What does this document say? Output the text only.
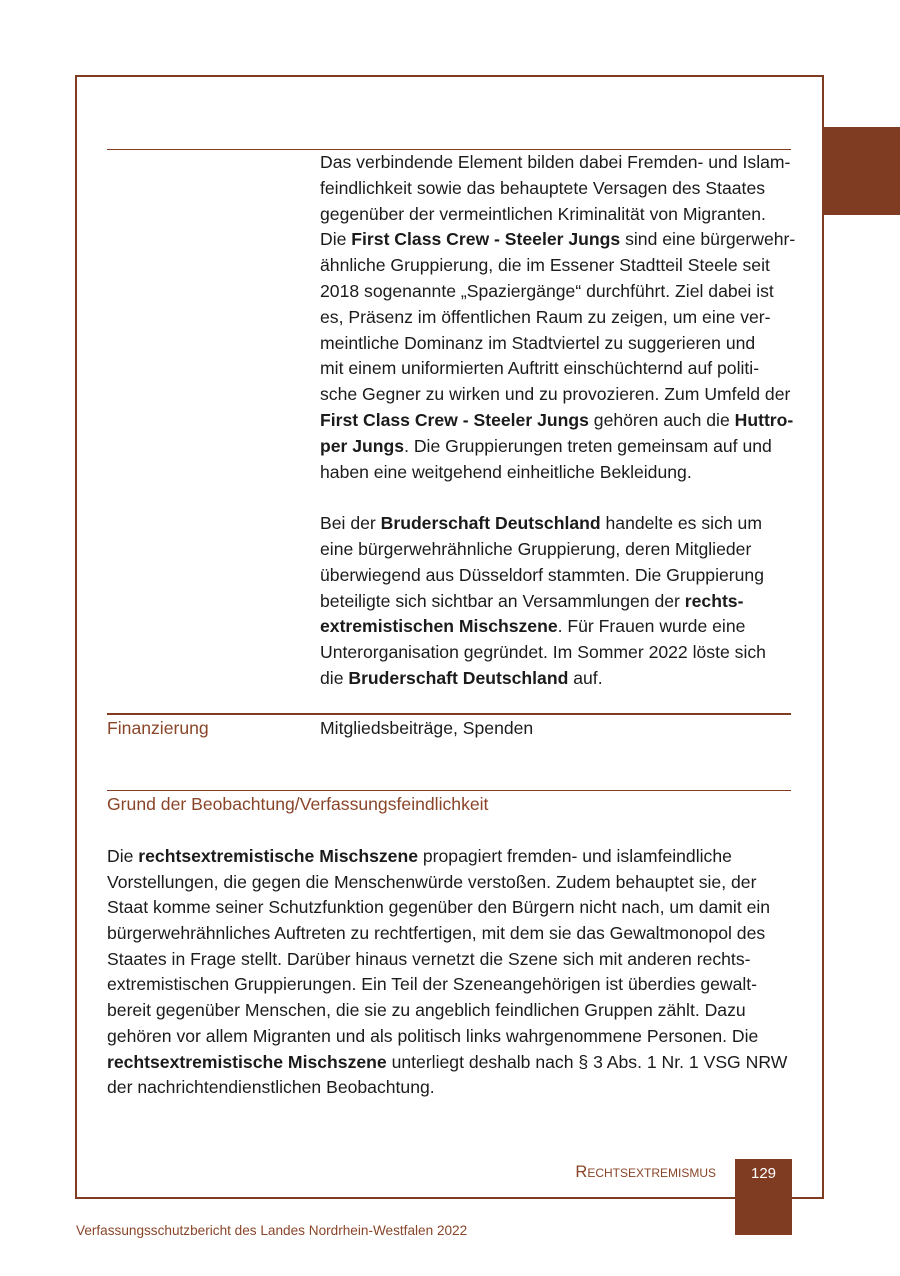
Das verbindende Element bilden dabei Fremden- und Islam-
feindlichkeit sowie das behauptete Versagen des Staates
gegenüber der vermeintlichen Kriminalität von Migranten.
Die First Class Crew - Steeler Jungs sind eine bürgerwehr-
ähnliche Gruppierung, die im Essener Stadtteil Steele seit
2018 sogenannte „Spaziergänge“ durchführt. Ziel dabei ist
es, Präsenz im öffentlichen Raum zu zeigen, um eine ver-
meintliche Dominanz im Stadtviertel zu suggerieren und
mit einem uniformierten Auftritt einschüchternd auf politi-
sche Gegner zu wirken und zu provozieren. Zum Umfeld der
First Class Crew - Steeler Jungs gehören auch die Huttro-
per Jungs. Die Gruppierungen treten gemeinsam auf und
haben eine weitgehend einheitliche Bekleidung.
Bei der Bruderschaft Deutschland handelte es sich um
eine bürgerwehrähnliche Gruppierung, deren Mitglieder
überwiegend aus Düsseldorf stammten. Die Gruppierung
beteiligte sich sichtbar an Versammlungen der rechts-
extremistischen Mischszene. Für Frauen wurde eine
Unterorganisation gegründet. Im Sommer 2022 löste sich
die Bruderschaft Deutschland auf.
Finanzierung	Mitgliedsbeiträge, Spenden
Grund der Beobachtung/Verfassungsfeindlichkeit
Die rechtsextremistische Mischszene propagiert fremden- und islamfeindliche
Vorstellungen, die gegen die Menschenwürde verstoßen. Zudem behauptet sie, der
Staat komme seiner Schutzfunktion gegenüber den Bürgern nicht nach, um damit ein
bürgerwehrähnliches Auftreten zu rechtfertigen, mit dem sie das Gewaltmonopol des
Staates in Frage stellt. Darüber hinaus vernetzt die Szene sich mit anderen rechts-
extremistischen Gruppierungen. Ein Teil der Szeneangehörigen ist überdies gewalt-
bereit gegenüber Menschen, die sie zu angeblich feindlichen Gruppen zählt. Dazu
gehören vor allem Migranten und als politisch links wahrgenommene Personen. Die
rechtsextremistische Mischszene unterliegt deshalb nach § 3 Abs. 1 Nr. 1 VSG NRW
der nachrichtendienstlichen Beobachtung.
Rechtsextremismus	129
Verfassungsschutzbericht des Landes Nordrhein-Westfalen 2022
